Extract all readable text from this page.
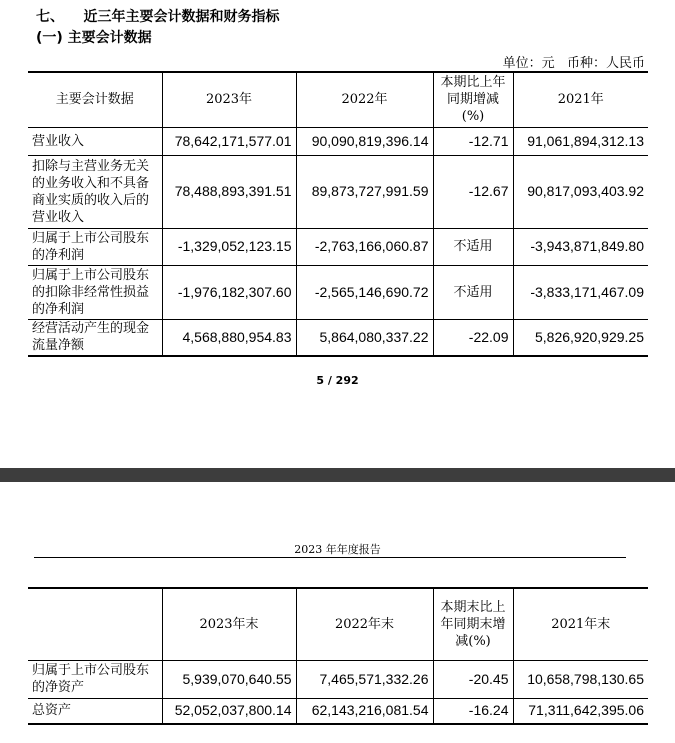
七、    近三年主要会计数据和财务指标
(一) 主要会计数据
单位：元   币种：人民币
主要会计数据	2023年	2022年	本期比上年同期增减(%)	2021年
营业收入	78,642,171,577.01	90,090,819,396.14	-12.71	91,061,894,312.13
扣除与主营业务无关的业务收入和不具备商业实质的收入后的营业收入	78,488,893,391.51	89,873,727,991.59	-12.67	90,817,093,403.92
归属于上市公司股东的净利润	-1,329,052,123.15	-2,763,166,060.87	不适用	-3,943,871,849.80
归属于上市公司股东的扣除非经常性损益的净利润	-1,976,182,307.60	-2,565,146,690.72	不适用	-3,833,171,467.09
经营活动产生的现金流量净额	4,568,880,954.83	5,864,080,337.22	-22.09	5,826,920,929.25
5 / 292
2023 年年度报告
	2023年末	2022年末	本期末比上年同期末增减(%)	2021年末
归属于上市公司股东的净资产	5,939,070,640.55	7,465,571,332.26	-20.45	10,658,798,130.65
总资产	52,052,037,800.14	62,143,216,081.54	-16.24	71,311,642,395.06
